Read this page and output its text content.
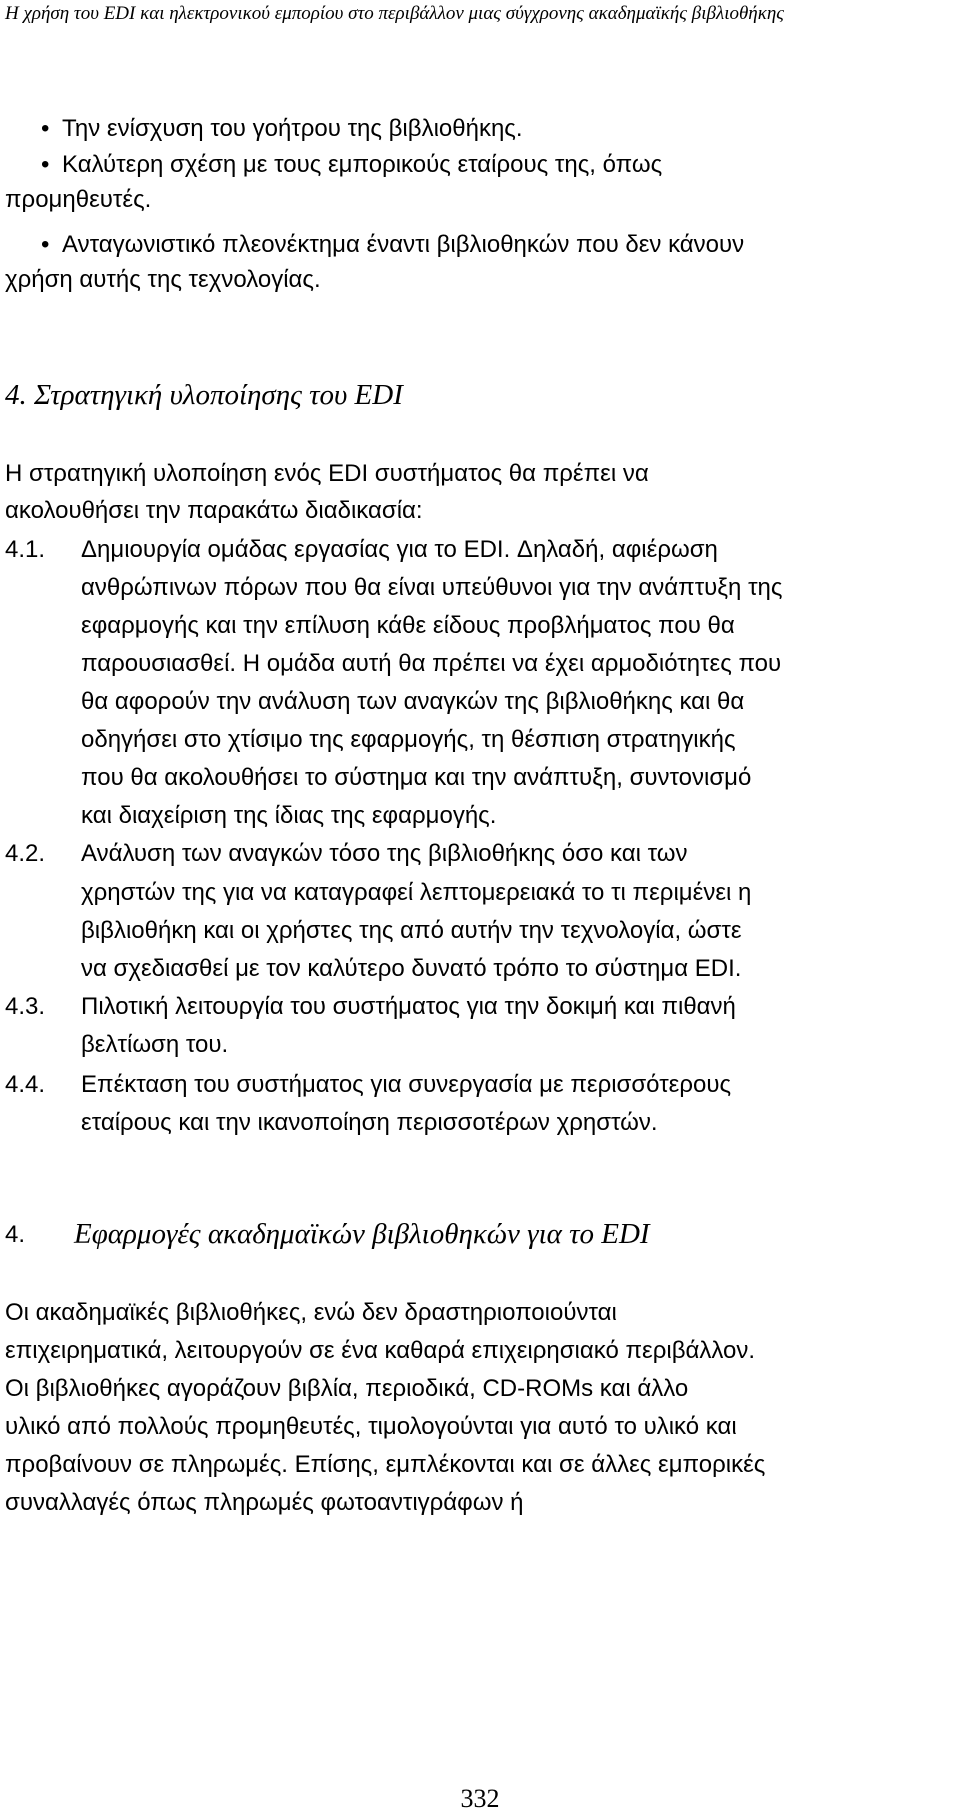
Η χρήση του EDI και ηλεκτρονικού εμπορίου στο περιβάλλον μιας σύγχρονης ακαδημαϊκής βιβλιοθήκης
• Την ενίσχυση του γοήτρου της βιβλιοθήκης.
• Καλύτερη σχέση με τους εμπορικούς εταίρους της, όπως
προμηθευτές.
• Ανταγωνιστικό πλεονέκτημα έναντι βιβλιοθηκών που δεν κάνουν
χρήση αυτής της τεχνολογίας.
4. Στρατηγική υλοποίησης του EDI
Η στρατηγική υλοποίηση ενός EDI συστήματος θα πρέπει να
ακολουθήσει την παρακάτω διαδικασία:
4.1. Δημιουργία ομάδας εργασίας για το EDI. Δηλαδή, αφιέρωση
ανθρώπινων πόρων που θα είναι υπεύθυνοι για την ανάπτυξη της
εφαρμογής και την επίλυση κάθε είδους προβλήματος που θα
παρουσιασθεί. Η ομάδα αυτή θα πρέπει να έχει αρμοδιότητες που
θα αφορούν την ανάλυση των αναγκών της βιβλιοθήκης και θα
οδηγήσει στο χτίσιμο της εφαρμογής, τη θέσπιση στρατηγικής
που θα ακολουθήσει το σύστημα και την ανάπτυξη, συντονισμό
και διαχείριση της ίδιας της εφαρμογής.
4.2. Ανάλυση των αναγκών τόσο της βιβλιοθήκης όσο και των
χρηστών της για να καταγραφεί λεπτομερειακά το τι περιμένει η
βιβλιοθήκη και οι χρήστες της από αυτήν την τεχνολογία, ώστε
να σχεδιασθεί με τον καλύτερο δυνατό τρόπο το σύστημα EDI.
4.3. Πιλοτική λειτουργία του συστήματος για την δοκιμή και πιθανή
βελτίωση του.
4.4. Επέκταση του συστήματος για συνεργασία με περισσότερους
εταίρους και την ικανοποίηση περισσοτέρων χρηστών.
4. Εφαρμογές ακαδημαϊκών βιβλιοθηκών για το EDI
Οι ακαδημαϊκές βιβλιοθήκες, ενώ δεν δραστηριοποιούνται
επιχειρηματικά, λειτουργούν σε ένα καθαρά επιχειρησιακό περιβάλλον.
Οι βιβλιοθήκες αγοράζουν βιβλία, περιοδικά, CD-ROMs και άλλο
υλικό από πολλούς προμηθευτές, τιμολογούνται για αυτό το υλικό και
προβαίνουν σε πληρωμές. Επίσης, εμπλέκονται και σε άλλες εμπορικές
συναλλαγές όπως πληρωμές φωτοαντιγράφων ή
332
